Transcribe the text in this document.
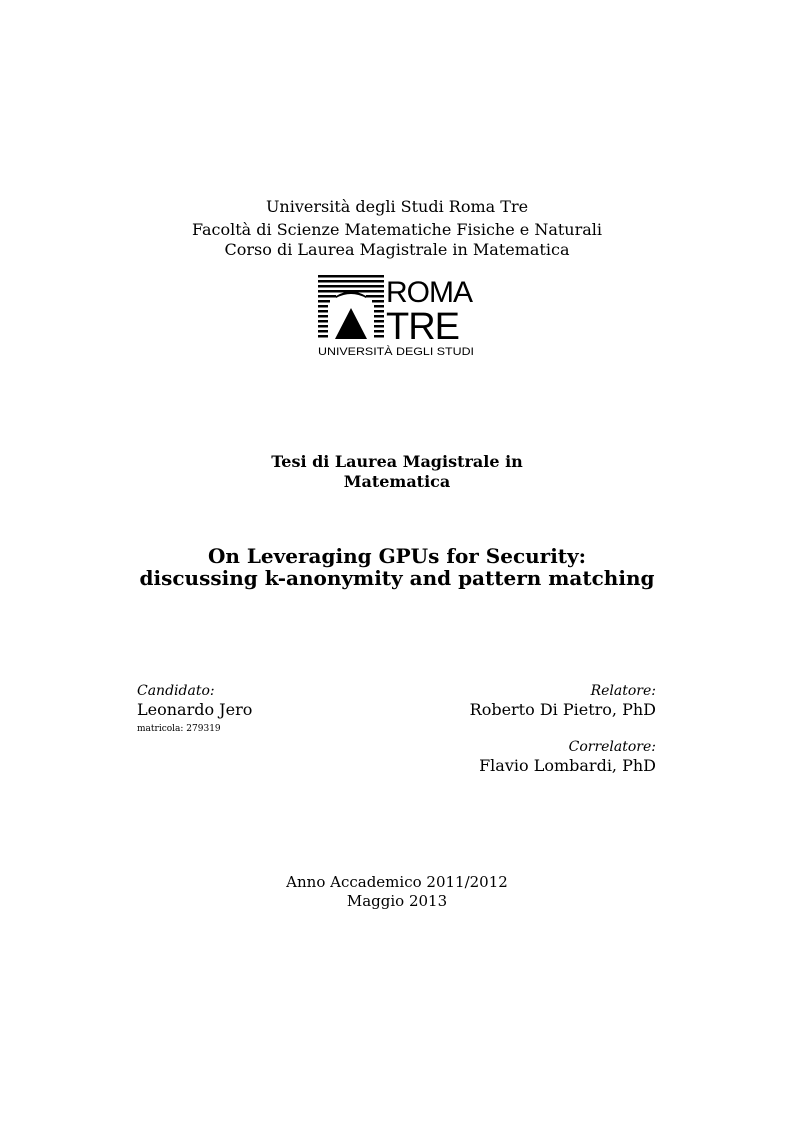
Università degli Studi Roma Tre
Facoltà di Scienze Matematiche Fisiche e Naturali
Corso di Laurea Magistrale in Matematica
ROMA
TRE
UNIVERSITÀ DEGLI STUDI
Tesi di Laurea Magistrale in
Matematica
On Leveraging GPUs for Security:
discussing k-anonymity and pattern matching
Candidato:
Leonardo Jero
matricola: 279319
Relatore:
Roberto Di Pietro, PhD
Correlatore:
Flavio Lombardi, PhD
Anno Accademico 2011/2012
Maggio 2013
